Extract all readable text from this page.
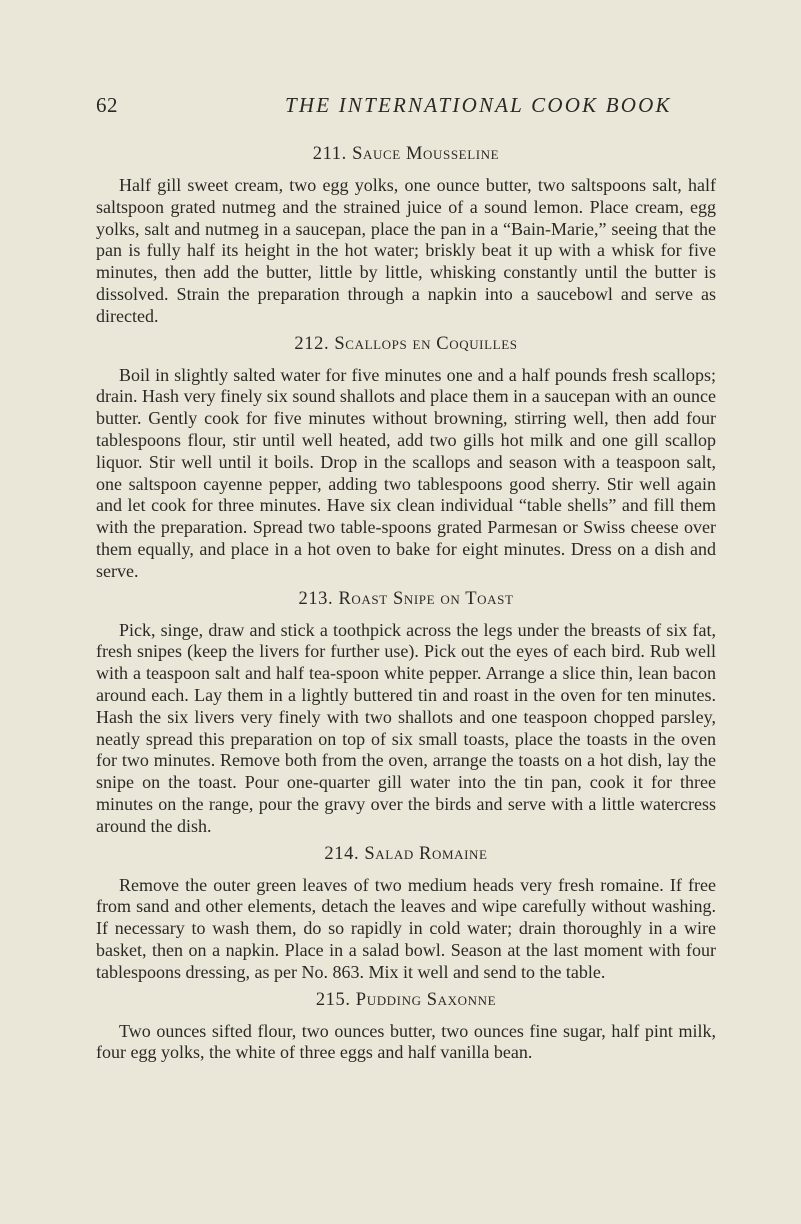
62	THE INTERNATIONAL COOK BOOK
211. Sauce Mousseline

Half gill sweet cream, two egg yolks, one ounce butter, two saltspoons salt, half saltspoon grated nutmeg and the strained juice of a sound lemon. Place cream, egg yolks, salt and nutmeg in a saucepan, place the pan in a “Bain-Marie,” seeing that the pan is fully half its height in the hot water; briskly beat it up with a whisk for five minutes, then add the butter, little by little, whisking constantly until the butter is dissolved. Strain the preparation through a napkin into a saucebowl and serve as directed.

212. Scallops en Coquilles

Boil in slightly salted water for five minutes one and a half pounds fresh scallops; drain. Hash very finely six sound shallots and place them in a saucepan with an ounce butter. Gently cook for five minutes without browning, stirring well, then add four tablespoons flour, stir until well heated, add two gills hot milk and one gill scallop liquor. Stir well until it boils. Drop in the scallops and season with a teaspoon salt, one saltspoon cayenne pepper, adding two tablespoons good sherry. Stir well again and let cook for three minutes. Have six clean individual “table shells” and fill them with the preparation. Spread two table-spoons grated Parmesan or Swiss cheese over them equally, and place in a hot oven to bake for eight minutes. Dress on a dish and serve.

213. Roast Snipe on Toast

Pick, singe, draw and stick a toothpick across the legs under the breasts of six fat, fresh snipes (keep the livers for further use). Pick out the eyes of each bird. Rub well with a teaspoon salt and half tea-spoon white pepper. Arrange a slice thin, lean bacon around each. Lay them in a lightly buttered tin and roast in the oven for ten minutes. Hash the six livers very finely with two shallots and one teaspoon chopped parsley, neatly spread this preparation on top of six small toasts, place the toasts in the oven for two minutes. Remove both from the oven, arrange the toasts on a hot dish, lay the snipe on the toast. Pour one-quarter gill water into the tin pan, cook it for three minutes on the range, pour the gravy over the birds and serve with a little watercress around the dish.

214. Salad Romaine

Remove the outer green leaves of two medium heads very fresh romaine. If free from sand and other elements, detach the leaves and wipe carefully without washing. If necessary to wash them, do so rapidly in cold water; drain thoroughly in a wire basket, then on a napkin. Place in a salad bowl. Season at the last moment with four tablespoons dressing, as per No. 863. Mix it well and send to the table.

215. Pudding Saxonne

Two ounces sifted flour, two ounces butter, two ounces fine sugar, half pint milk, four egg yolks, the white of three eggs and half vanilla bean.
